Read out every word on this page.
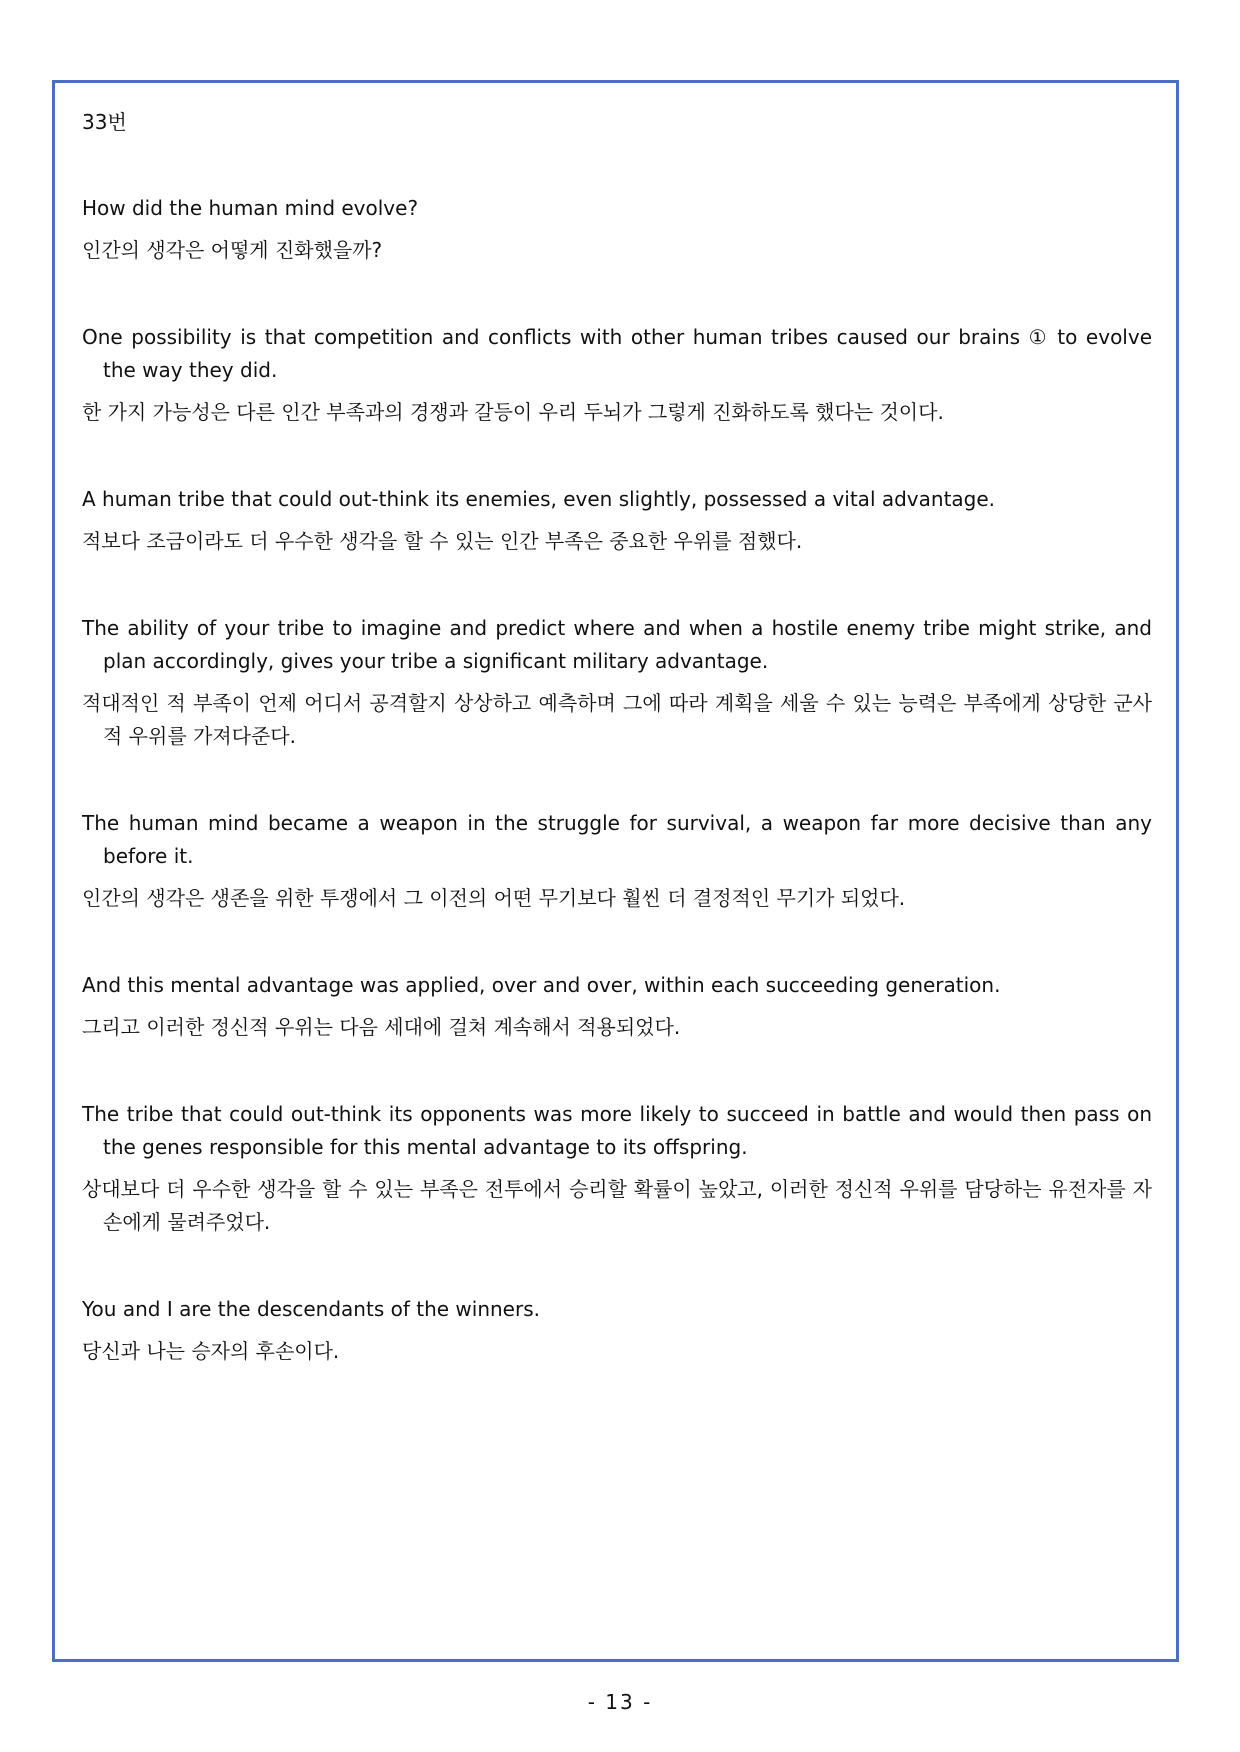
33번

How did the human mind evolve?

인간의 생각은 어떻게 진화했을까?

One possibility is that competition and conflicts with other human tribes caused our brains ① to evolve the way they did.

한 가지 가능성은 다른 인간 부족과의 경쟁과 갈등이 우리 두뇌가 그렇게 진화하도록 했다는 것이다.

A human tribe that could out-think its enemies, even slightly, possessed a vital advantage.

적보다 조금이라도 더 우수한 생각을 할 수 있는 인간 부족은 중요한 우위를 점했다.

The ability of your tribe to imagine and predict where and when a hostile enemy tribe might strike, and plan accordingly, gives your tribe a significant military advantage.

적대적인 적 부족이 언제 어디서 공격할지 상상하고 예측하며 그에 따라 계획을 세울 수 있는 능력은 부족에게 상당한 군사적 우위를 가져다준다.

The human mind became a weapon in the struggle for survival, a weapon far more decisive than any before it.

인간의 생각은 생존을 위한 투쟁에서 그 이전의 어떤 무기보다 훨씬 더 결정적인 무기가 되었다.

And this mental advantage was applied, over and over, within each succeeding generation.

그리고 이러한 정신적 우위는 다음 세대에 걸쳐 계속해서 적용되었다.

The tribe that could out-think its opponents was more likely to succeed in battle and would then pass on the genes responsible for this mental advantage to its offspring.

상대보다 더 우수한 생각을 할 수 있는 부족은 전투에서 승리할 확률이 높았고, 이러한 정신적 우위를 담당하는 유전자를 자손에게 물려주었다.

You and I are the descendants of the winners.

당신과 나는 승자의 후손이다.

- 13 -
